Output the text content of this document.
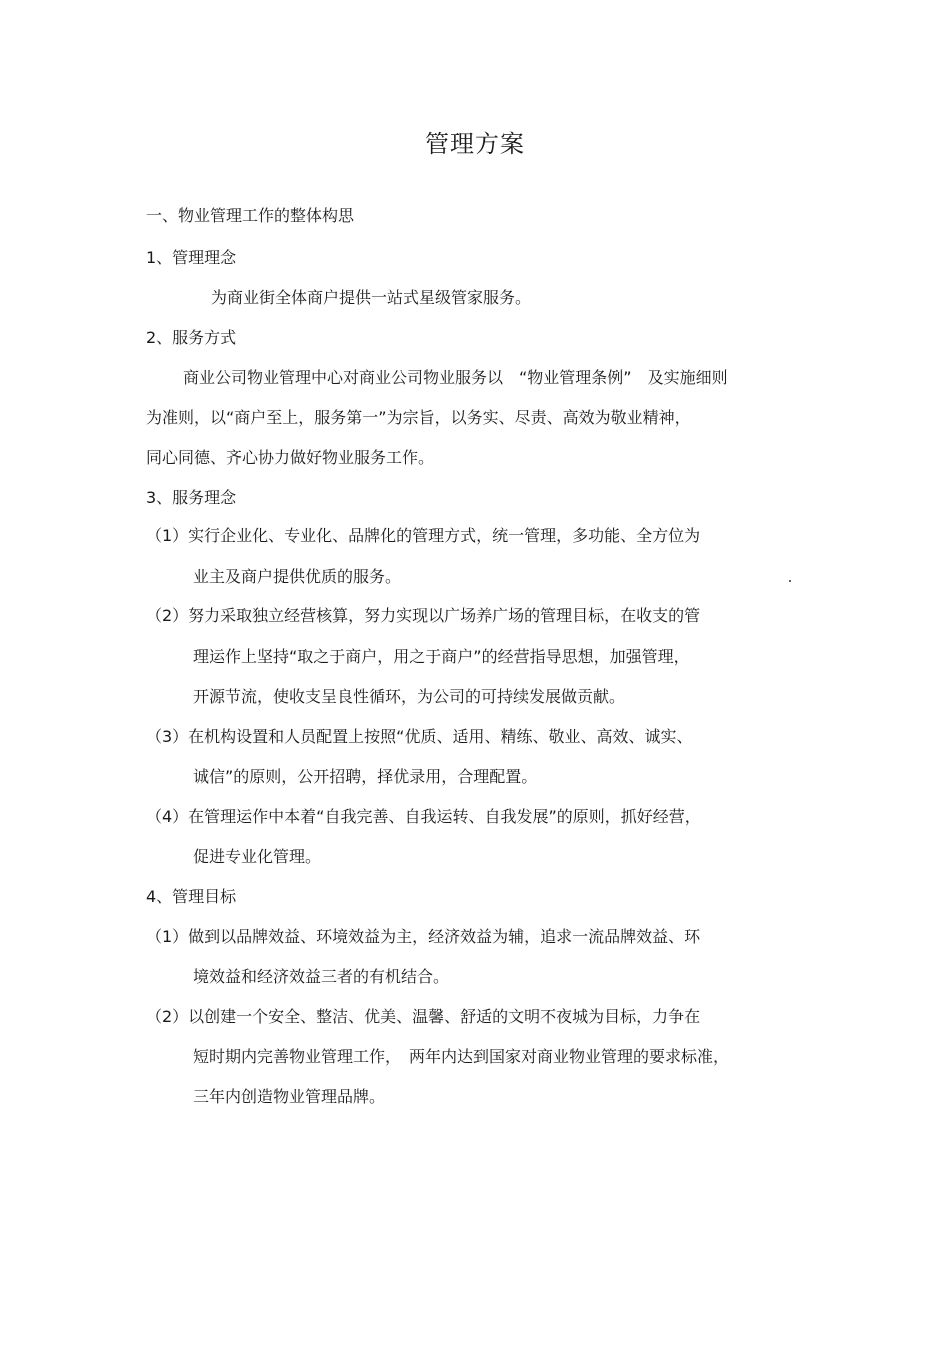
管理方案
一、物业管理工作的整体构思
1、管理理念
为商业街全体商户提供一站式星级管家服务。
2、服务方式
商业公司物业管理中心对商业公司物业服务以　“物业管理条例”　及实施细则
为准则，以“商户至上，服务第一”为宗旨，以务实、尽责、高效为敬业精神，
同心同德、齐心协力做好物业服务工作。
3、服务理念
（1）实行企业化、专业化、品牌化的管理方式，统一管理，多功能、全方位为
业主及商户提供优质的服务。
（2）努力采取独立经营核算，努力实现以广场养广场的管理目标，在收支的管
理运作上坚持“取之于商户，用之于商户”的经营指导思想，加强管理，
开源节流，使收支呈良性循环，为公司的可持续发展做贡献。
（3）在机构设置和人员配置上按照“优质、适用、精练、敬业、高效、诚实、
诚信”的原则，公开招聘，择优录用，合理配置。
（4）在管理运作中本着“自我完善、自我运转、自我发展”的原则，抓好经营，
促进专业化管理。
4、管理目标
（1）做到以品牌效益、环境效益为主，经济效益为辅，追求一流品牌效益、环
境效益和经济效益三者的有机结合。
（2）以创建一个安全、整洁、优美、温馨、舒适的文明不夜城为目标，力争在
短时期内完善物业管理工作，　两年内达到国家对商业物业管理的要求标准，
三年内创造物业管理品牌。
